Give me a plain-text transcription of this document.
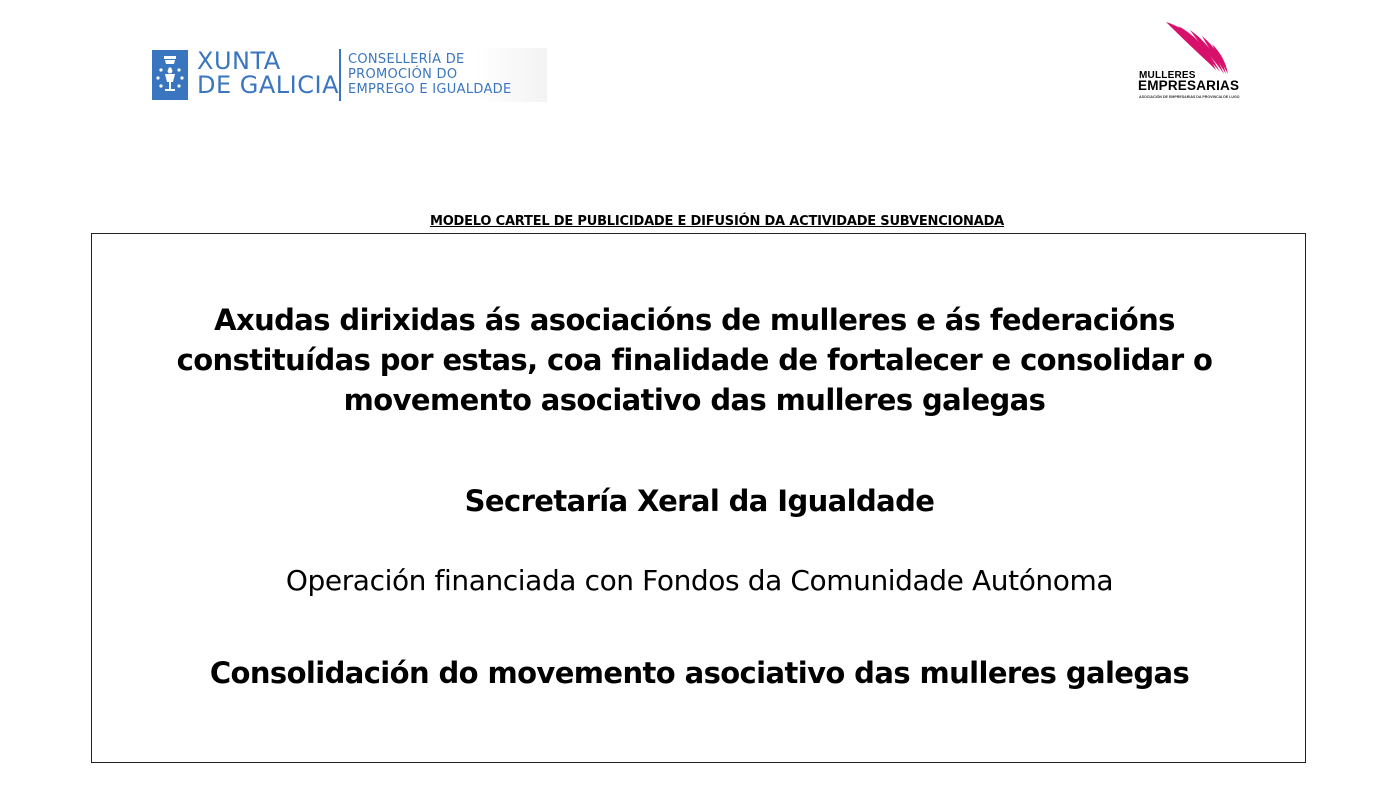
XUNTA
DE GALICIA
CONSELLERÍA DE
PROMOCIÓN DO
EMPREGO E IGUALDADE
MULLERES
EMPRESARIAS
ASOCIACIÓN DE EMPRESARIAS DA PROVINCIA DE LUGO
MODELO CARTEL DE PUBLICIDADE E DIFUSIÓN DA ACTIVIDADE SUBVENCIONADA
Axudas dirixidas ás asociacións de mulleres e ás federacións constituídas por estas, coa finalidade de fortalecer e consolidar o movemento asociativo das mulleres galegas
Secretaría Xeral da Igualdade
Operación financiada con Fondos da Comunidade Autónoma
Consolidación do movemento asociativo das mulleres galegas
